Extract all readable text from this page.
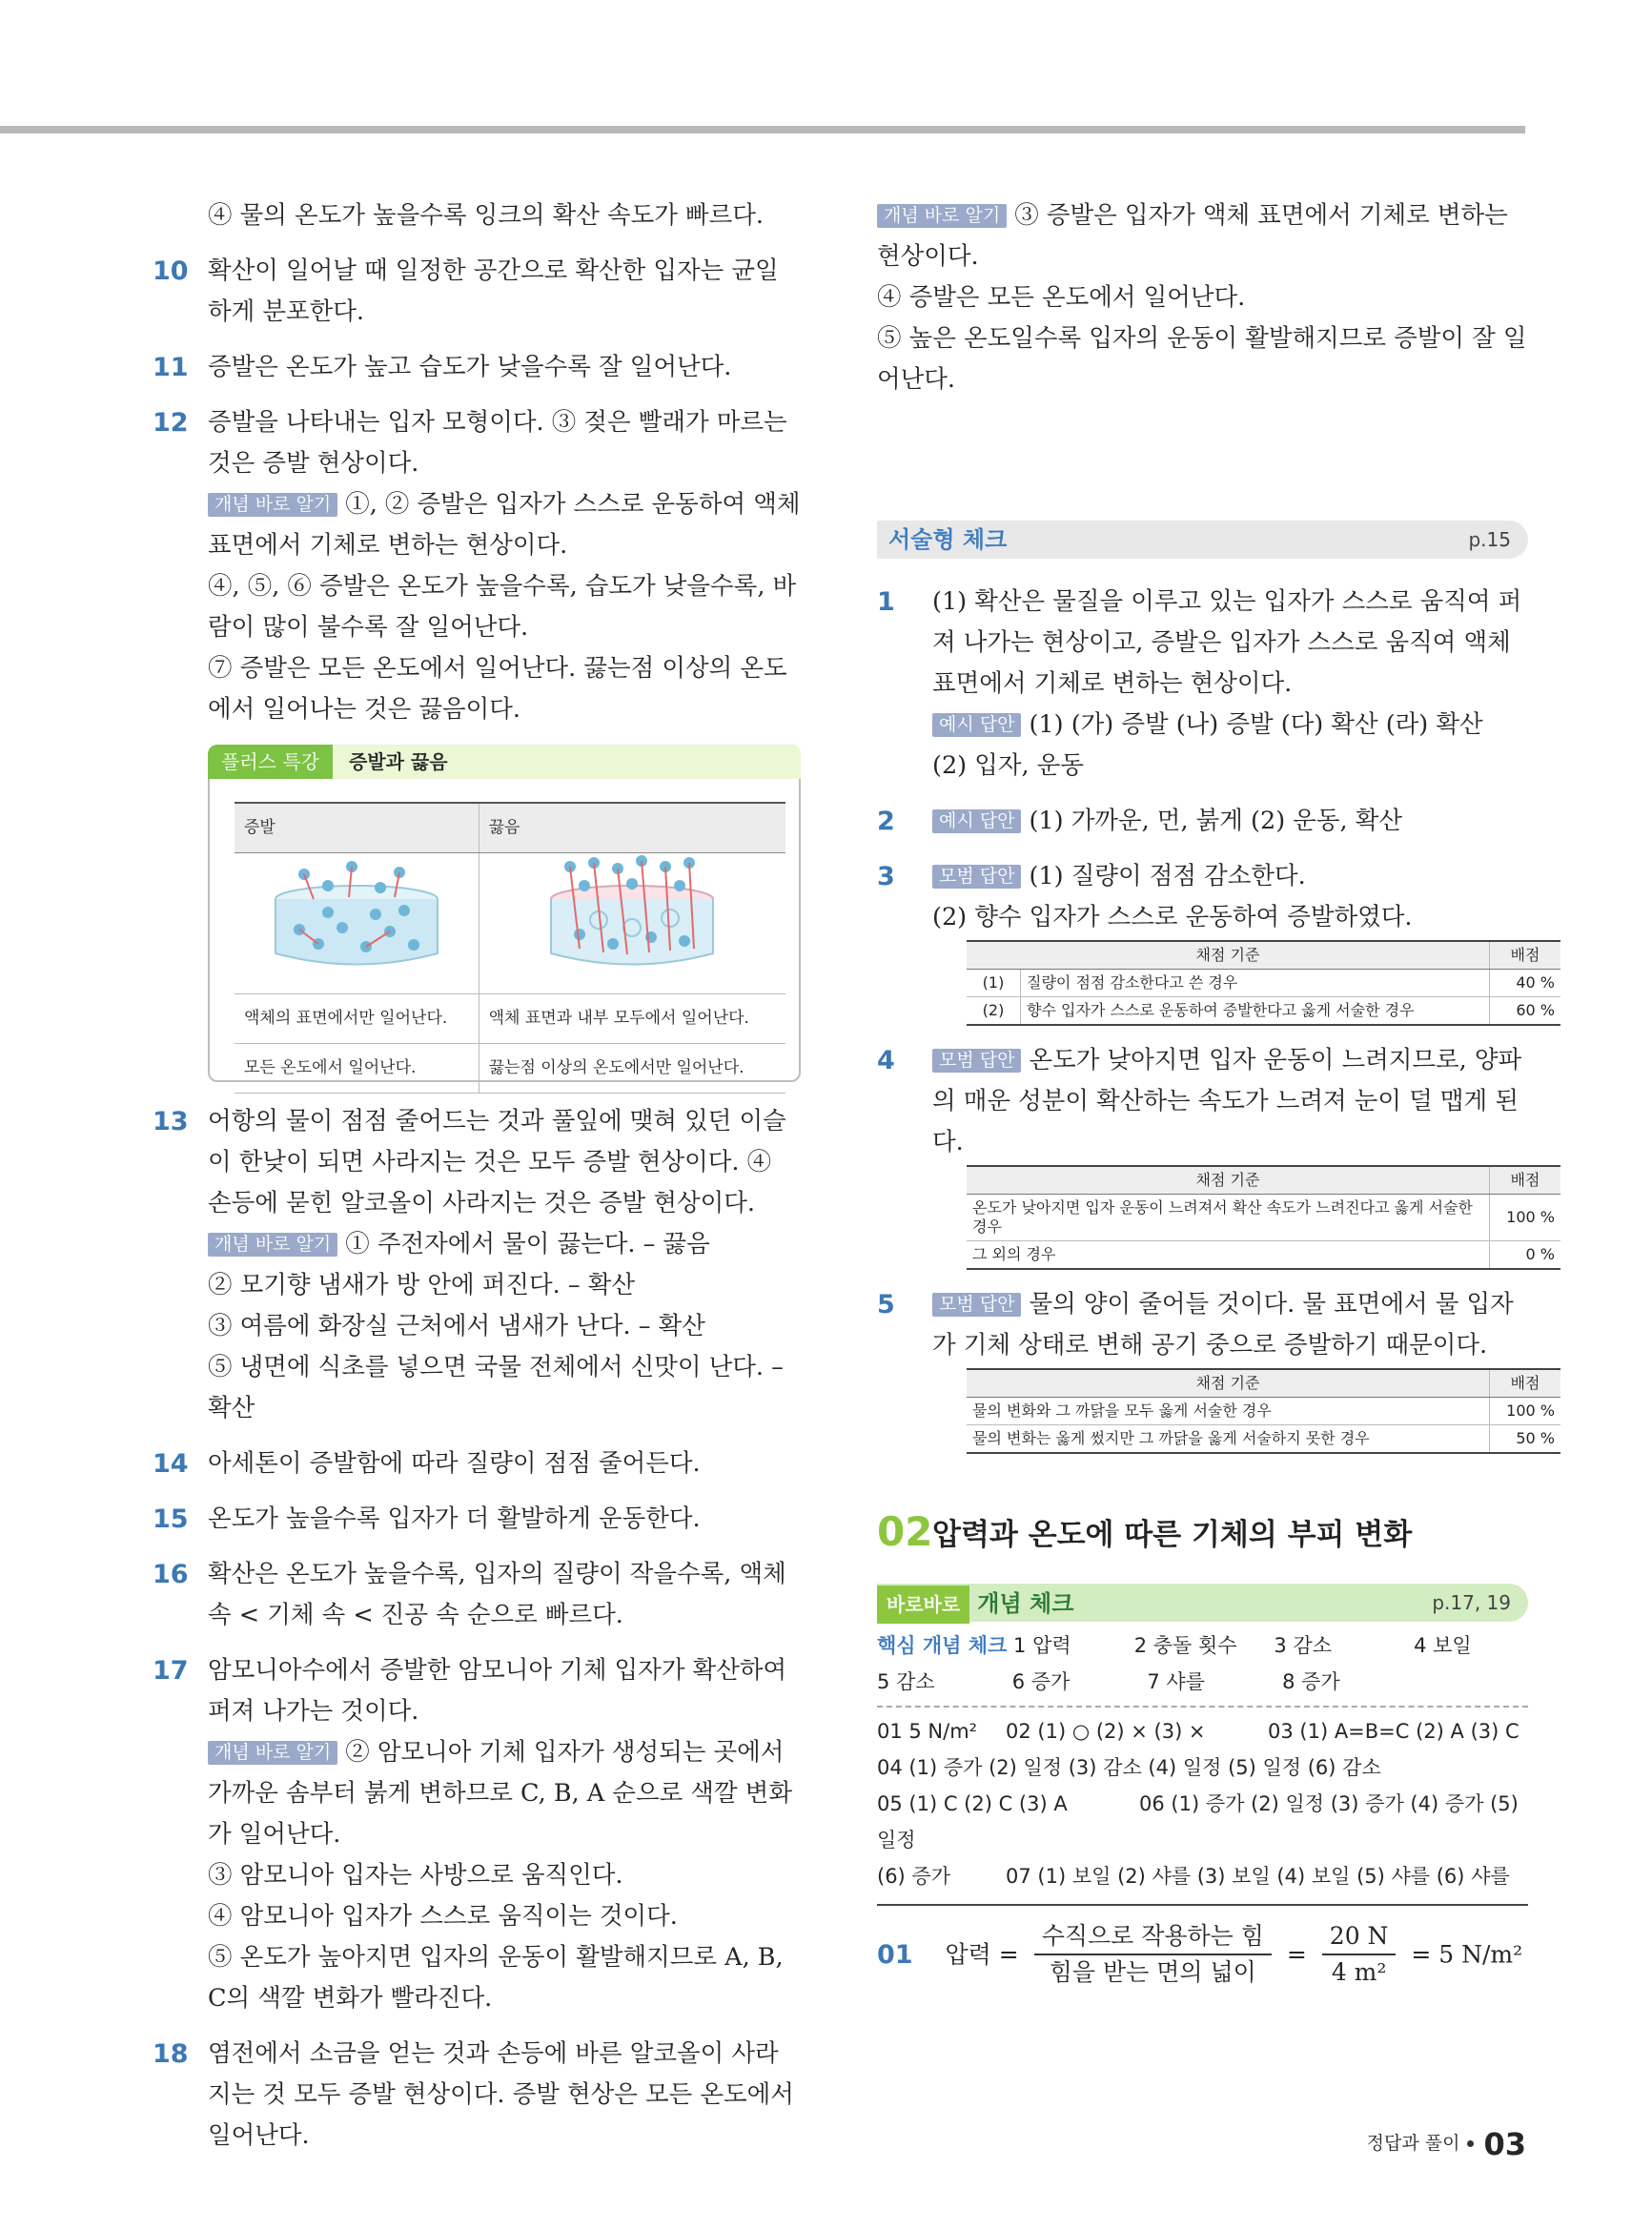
④ 물의 온도가 높을수록 잉크의 확산 속도가 빠르다.

10 확산이 일어날 때 일정한 공간으로 확산한 입자는 균일하게 분포한다.

11 증발은 온도가 높고 습도가 낮을수록 잘 일어난다.

12 증발을 나타내는 입자 모형이다. ③ 젖은 빨래가 마르는 것은 증발 현상이다.

개념 바로 알기 ①, ② 증발은 입자가 스스로 운동하여 액체 표면에서 기체로 변하는 현상이다.

④, ⑤, ⑥ 증발은 온도가 높을수록, 습도가 낮을수록, 바람이 많이 불수록 잘 일어난다.

⑦ 증발은 모든 온도에서 일어난다. 끓는점 이상의 온도에서 일어나는 것은 끓음이다.

플러스 특강	증발과 끓음
증발	끓음

액체의 표면에서만 일어난다.	액체 표면과 내부 모두에서 일어난다.
모든 온도에서 일어난다.	끓는점 이상의 온도에서만 일어난다.
13 어항의 물이 점점 줄어드는 것과 풀잎에 맺혀 있던 이슬이 한낮이 되면 사라지는 것은 모두 증발 현상이다. ④ 손등에 묻힌 알코올이 사라지는 것은 증발 현상이다.

개념 바로 알기 ① 주전자에서 물이 끓는다. – 끓음

② 모기향 냄새가 방 안에 퍼진다. – 확산

③ 여름에 화장실 근처에서 냄새가 난다. – 확산

⑤ 냉면에 식초를 넣으면 국물 전체에서 신맛이 난다. – 확산

14 아세톤이 증발함에 따라 질량이 점점 줄어든다.

15 온도가 높을수록 입자가 더 활발하게 운동한다.

16 확산은 온도가 높을수록, 입자의 질량이 작을수록, 액체 속 < 기체 속 < 진공 속 순으로 빠르다.

17 암모니아수에서 증발한 암모니아 기체 입자가 확산하여 퍼져 나가는 것이다.

개념 바로 알기 ② 암모니아 기체 입자가 생성되는 곳에서 가까운 솜부터 붉게 변하므로 C, B, A 순으로 색깔 변화가 일어난다.

③ 암모니아 입자는 사방으로 움직인다.

④ 암모니아 입자가 스스로 움직이는 것이다.

⑤ 온도가 높아지면 입자의 운동이 활발해지므로 A, B, C의 색깔 변화가 빨라진다.

18 염전에서 소금을 얻는 것과 손등에 바른 알코올이 사라지는 것 모두 증발 현상이다. 증발 현상은 모든 온도에서 일어난다.

개념 바로 알기 ③ 증발은 입자가 액체 표면에서 기체로 변하는 현상이다.

④ 증발은 모든 온도에서 일어난다.

⑤ 높은 온도일수록 입자의 운동이 활발해지므로 증발이 잘 일어난다.

서술형 체크	p.15
1 (1) 확산은 물질을 이루고 있는 입자가 스스로 움직여 퍼져 나가는 현상이고, 증발은 입자가 스스로 움직여 액체 표면에서 기체로 변하는 현상이다.

예시 답안 (1) (가) 증발 (나) 증발 (다) 확산 (라) 확산

(2) 입자, 운동

2	예시 답안 (1) 가까운, 먼, 붉게 (2) 운동, 확산

3	모범 답안 (1) 질량이 점점 감소한다.

(2) 향수 입자가 스스로 운동하여 증발하였다.

채점 기준		배점
(1)	질량이 점점 감소한다고 쓴 경우	40 %
(2)	향수 입자가 스스로 운동하여 증발한다고 옳게 서술한 경우	60 %
4	모범 답안 온도가 낮아지면 입자 운동이 느려지므로, 양파의 매운 성분이 확산하는 속도가 느려져 눈이 덜 맵게 된다.

채점 기준	배점
온도가 낮아지면 입자 운동이 느려져서 확산 속도가 느려진다고 옳게 서술한 경우	100 %
그 외의 경우	0 %
5	모범 답안 물의 양이 줄어들 것이다. 물 표면에서 물 입자가 기체 상태로 변해 공기 중으로 증발하기 때문이다.

채점 기준	배점
물의 변화와 그 까닭을 모두 옳게 서술한 경우	100 %
물의 변화는 옳게 썼지만 그 까닭을 옳게 서술하지 못한 경우	50 %
02 압력과 온도에 따른 기체의 부피 변화
바로바로 개념 체크	p.17, 19
핵심 개념 체크 1 압력	2 충돌 횟수 3 감소	4 보일
5 감소	6 증가	7 샤를	8 증가
01 5 N/m² 02 (1) ○ (2) × (3) ×	03 (1) A=B=C (2) A (3) C
04 (1) 증가 (2) 일정 (3) 감소 (4) 일정 (5) 일정 (6) 감소
05 (1) C (2) C (3) A	06 (1) 증가 (2) 일정 (3) 증가 (4) 증가 (5) 일정
(6) 증가	07 (1) 보일 (2) 샤를 (3) 보일 (4) 보일 (5) 샤를 (6) 샤를
01 압력 = $\frac{\text{수직으로 작용하는 힘}}{\text{힘을 받는 면의 넓이}} = \frac{20 N}{\text{4 m²}} = 5$ N/m²
정답과 풀이 03
